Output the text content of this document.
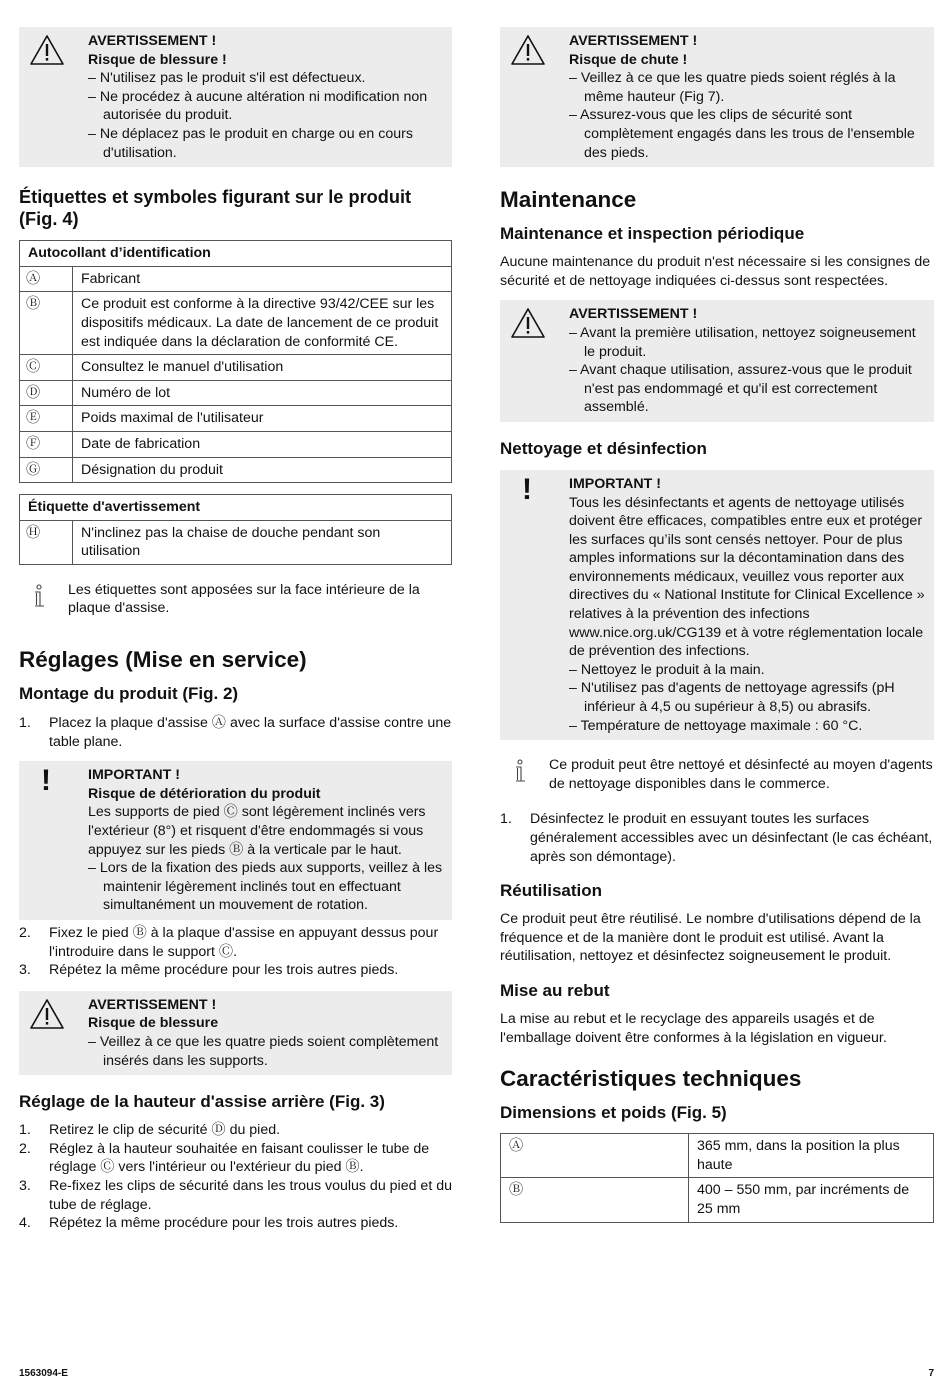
AVERTISSEMENT !
Risque de blessure !
– N'utilisez pas le produit s'il est défectueux.
– Ne procédez à aucune altération ni modification non autorisée du produit.
– Ne déplacez pas le produit en charge ou en cours d'utilisation.
Étiquettes et symboles figurant sur le produit (Fig. 4)
Autocollant d’identification	
Ⓐ	Fabricant
Ⓑ	Ce produit est conforme à la directive 93/42/CEE sur les dispositifs médicaux. La date de lancement de ce produit est indiquée dans la déclaration de conformité CE.
Ⓒ	Consultez le manuel d'utilisation
Ⓓ	Numéro de lot
Ⓔ	Poids maximal de l'utilisateur
Ⓕ	Date de fabrication
Ⓖ	Désignation du produit
Étiquette d'avertissement
Ⓗ	N'inclinez pas la chaise de douche pendant son utilisation
Les étiquettes sont apposées sur la face intérieure de la plaque d'assise.
Réglages (Mise en service)
Montage du produit (Fig. 2)
1. Placez la plaque d'assise Ⓐ avec la surface d'assise contre une table plane.
!	IMPORTANT !
Risque de détérioration du produit
Les supports de pied Ⓒ sont légèrement inclinés vers l'extérieur (8°) et risquent d'être endommagés si vous appuyez sur les pieds Ⓑ à la verticale par le haut.
– Lors de la fixation des pieds aux supports, veillez à les maintenir légèrement inclinés tout en effectuant simultanément un mouvement de rotation.
2. Fixez le pied Ⓑ à la plaque d'assise en appuyant dessus pour l'introduire dans le support Ⓒ.
3. Répétez la même procédure pour les trois autres pieds.
AVERTISSEMENT !
Risque de blessure
– Veillez à ce que les quatre pieds soient complètement insérés dans les supports.
Réglage de la hauteur d'assise arrière (Fig. 3)
1. Retirez le clip de sécurité Ⓓ du pied.
2. Réglez à la hauteur souhaitée en faisant coulisser le tube de réglage Ⓒ vers l'intérieur ou l'extérieur du pied Ⓑ.
3. Re-fixez les clips de sécurité dans les trous voulus du pied et du tube de réglage.
4. Répétez la même procédure pour les trois autres pieds.
AVERTISSEMENT !
Risque de chute !
– Veillez à ce que les quatre pieds soient réglés à la même hauteur (Fig 7).
– Assurez-vous que les clips de sécurité sont complètement engagés dans les trous de l'ensemble des pieds.
Maintenance
Maintenance et inspection périodique

Aucune maintenance du produit n'est nécessaire si les consignes de sécurité et de nettoyage indiquées ci-dessus sont respectées.

AVERTISSEMENT !
– Avant la première utilisation, nettoyez soigneusement le produit.
– Avant chaque utilisation, assurez-vous que le produit n'est pas endommagé et qu'il est correctement assemblé.
Nettoyage et désinfection
!	IMPORTANT !
Tous les désinfectants et agents de nettoyage utilisés doivent être efficaces, compatibles entre eux et protéger les surfaces qu’ils sont censés nettoyer. Pour de plus amples informations sur la décontamination dans des environnements médicaux, veuillez vous reporter aux directives du « National Institute for Clinical Excellence » relatives à la prévention des infections www.nice.org.uk/CG139 et à votre réglementation locale de prévention des infections.
– Nettoyez le produit à la main.
– N'utilisez pas d'agents de nettoyage agressifs (pH inférieur à 4,5 ou supérieur à 8,5) ou abrasifs.
– Température de nettoyage maximale : 60 °C.
Ce produit peut être nettoyé et désinfecté au moyen d'agents de nettoyage disponibles dans le commerce.
1. Désinfectez le produit en essuyant toutes les surfaces généralement accessibles avec un désinfectant (le cas échéant, après son démontage).
Réutilisation

Ce produit peut être réutilisé. Le nombre d'utilisations dépend de la fréquence et de la manière dont le produit est utilisé. Avant la réutilisation, nettoyez et désinfectez soigneusement le produit.

Mise au rebut

La mise au rebut et le recyclage des appareils usagés et de l'emballage doivent être conformes à la législation en vigueur.

Caractéristiques techniques
Dimensions et poids (Fig. 5)
Ⓐ	365 mm, dans la position la plus haute
Ⓑ	400 – 550 mm, par incréments de 25 mm
1563094-E	7
